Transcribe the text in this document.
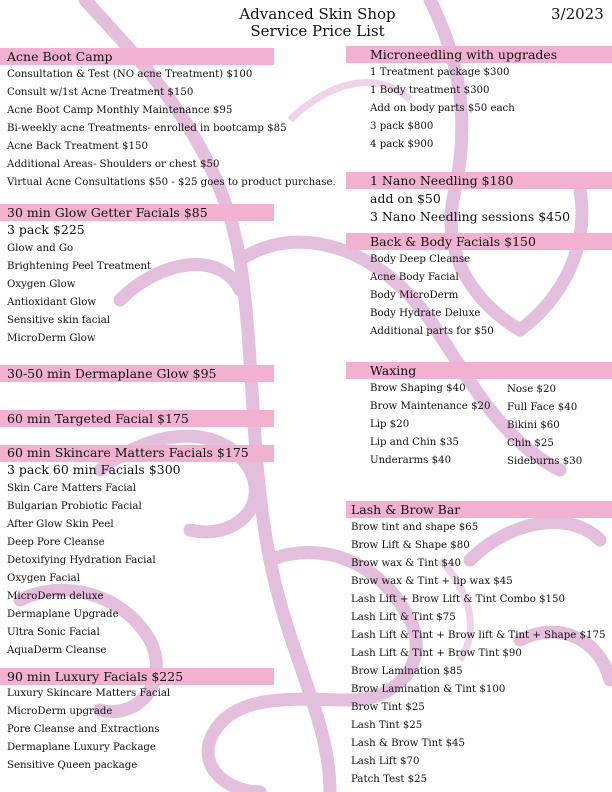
Advanced Skin Shop
Service Price List
3/2023
Acne Boot Camp
Consultation & Test (NO acne Treatment) $100
Consult w/1st Acne Treatment $150
Acne Boot Camp Monthly Maintenance $95
Bi-weekly acne Treatments- enrolled in bootcamp $85
Acne Back Treatment $150
Additional Areas- Shoulders or chest $50
Virtual Acne Consultations $50 - $25 goes to product purchase.
30 min Glow Getter Facials $85
3 pack $225
Glow and Go
Brightening Peel Treatment
Oxygen Glow
Antioxidant Glow
Sensitive skin facial
MicroDerm Glow
30-50 min Dermaplane Glow $95
60 min Targeted Facial $175
60 min Skincare Matters Facials $175
3 pack 60 min Facials $300
Skin Care Matters Facial
Bulgarian Probiotic Facial
After Glow Skin Peel
Deep Pore Cleanse
Detoxifying Hydration Facial
Oxygen Facial
MicroDerm deluxe
Dermaplane Upgrade
Ultra Sonic Facial
AquaDerm Cleanse
90 min Luxury Facials $225
Luxury Skincare Matters Facial
MicroDerm upgrade
Pore Cleanse and Extractions
Dermaplane Luxury Package
Sensitive Queen package
Microneedling with upgrades
1 Treatment package $300
1 Body treatment $300
Add on body parts $50 each
3 pack $800
4 pack $900
1 Nano Needling $180
add on $50
3 Nano Needling sessions $450
Back & Body Facials $150
Body Deep Cleanse
Acne Body Facial
Body MicroDerm
Body Hydrate Deluxe
Additional parts for $50
Waxing
Brow Shaping $40
Brow Maintenance $20
Lip $20
Lip and Chin $35
Underarms $40
Nose $20
Full Face $40
Bikini $60
Chin $25
Sideburns $30
Lash & Brow Bar
Brow tint and shape $65
Brow Lift & Shape $80
Brow wax & Tint $40
Brow wax & Tint + lip wax $45
Lash Lift + Brow Lift & Tint Combo $150
Lash Lift & Tint $75
Lash Lift & Tint + Brow lift & Tint + Shape $175
Lash Lift & Tint + Brow Tint $90
Brow Lamination $85
Brow Lamination & Tint $100
Brow Tint $25
Lash Tint $25
Lash & Brow Tint $45
Lash Lift $70
Patch Test $25
